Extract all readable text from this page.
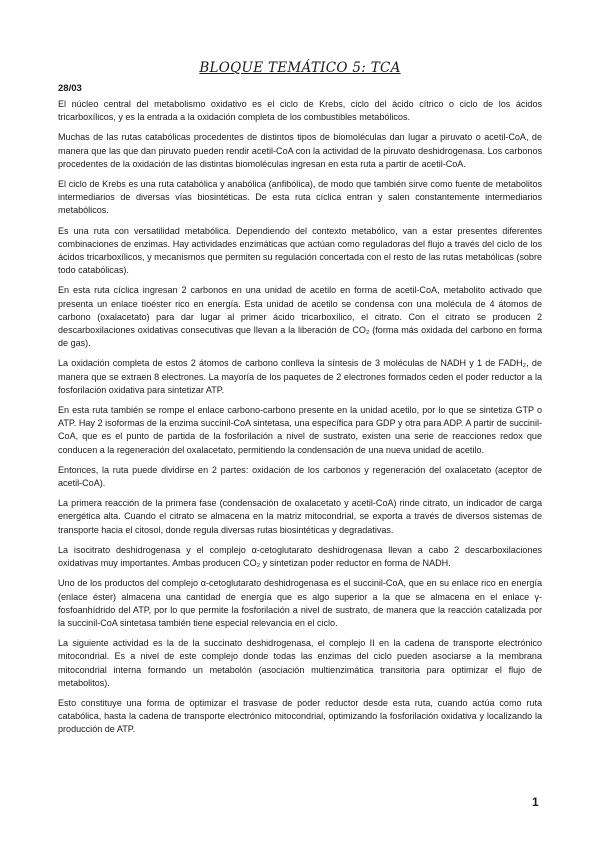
BLOQUE TEMÁTICO 5: TCA
28/03

El núcleo central del metabolismo oxidativo es el ciclo de Krebs, ciclo del ácido cítrico o ciclo de los ácidos tricarboxílicos, y es la entrada a la oxidación completa de los combustibles metabólicos.

Muchas de las rutas catabólicas procedentes de distintos tipos de biomoléculas dan lugar a piruvato o acetil-CoA, de manera que las que dan piruvato pueden rendir acetil-CoA con la actividad de la piruvato deshidrogenasa. Los carbonos procedentes de la oxidación de las distintas biomoléculas ingresan en esta ruta a partir de acetil-CoA.

El ciclo de Krebs es una ruta catabólica y anabólica (anfibólica), de modo que también sirve como fuente de metabolitos intermediarios de diversas vías biosintéticas. De esta ruta cíclica entran y salen constantemente intermediarios metabólicos.

Es una ruta con versatilidad metabólica. Dependiendo del contexto metabólico, van a estar presentes diferentes combinaciones de enzimas. Hay actividades enzimáticas que actúan como reguladoras del flujo a través del ciclo de los ácidos tricarboxílicos, y mecanismos que permiten su regulación concertada con el resto de las rutas metabólicas (sobre todo catabólicas).

En esta ruta cíclica ingresan 2 carbonos en una unidad de acetilo en forma de acetil-CoA, metabolito activado que presenta un enlace tioéster rico en energía. Esta unidad de acetilo se condensa con una molécula de 4 átomos de carbono (oxalacetato) para dar lugar al primer ácido tricarboxílico, el citrato. Con el citrato se producen 2 descarboxilaciones oxidativas consecutivas que llevan a la liberación de CO₂ (forma más oxidada del carbono en forma de gas).

La oxidación completa de estos 2 átomos de carbono conlleva la síntesis de 3 moléculas de NADH y 1 de FADH₂, de manera que se extraen 8 electrones. La mayoría de los paquetes de 2 electrones formados ceden el poder reductor a la fosforilación oxidativa para sintetizar ATP.

En esta ruta también se rompe el enlace carbono-carbono presente en la unidad acetilo, por lo que se sintetiza GTP o ATP. Hay 2 isoformas de la enzima succinil-CoA sintetasa, una específica para GDP y otra para ADP. A partir de succinil-CoA, que es el punto de partida de la fosforilación a nivel de sustrato, existen una serie de reacciones redox que conducen a la regeneración del oxalacetato, permitiendo la condensación de una nueva unidad de acetilo.

Entonces, la ruta puede dividirse en 2 partes: oxidación de los carbonos y regeneración del oxalacetato (aceptor de acetil-CoA).

La primera reacción de la primera fase (condensación de oxalacetato y acetil-CoA) rinde citrato, un indicador de carga energética alta. Cuando el citrato se almacena en la matriz mitocondrial, se exporta a través de diversos sistemas de transporte hacia el citosol, donde regula diversas rutas biosintéticas y degradativas.

La isocitrato deshidrogenasa y el complejo α-cetoglutarato deshidrogenasa llevan a cabo 2 descarboxilaciones oxidativas muy importantes. Ambas producen CO₂ y sintetizan poder reductor en forma de NADH.

Uno de los productos del complejo α-cetoglutarato deshidrogenasa es el succinil-CoA, que en su enlace rico en energía (enlace éster) almacena una cantidad de energía que es algo superior a la que se almacena en el enlace γ-fosfoanhídrido del ATP, por lo que permite la fosforilación a nivel de sustrato, de manera que la reacción catalizada por la succinil-CoA sintetasa también tiene especial relevancia en el ciclo.

La siguiente actividad es la de la succinato deshidrogenasa, el complejo II en la cadena de transporte electrónico mitocondrial. Es a nivel de este complejo donde todas las enzimas del ciclo pueden asociarse a la membrana mitocondrial interna formando un metabolón (asociación multienzimática transitoria para optimizar el flujo de metabolitos).

Esto constituye una forma de optimizar el trasvase de poder reductor desde esta ruta, cuando actúa como ruta catabólica, hasta la cadena de transporte electrónico mitocondrial, optimizando la fosforilación oxidativa y localizando la producción de ATP.

1
